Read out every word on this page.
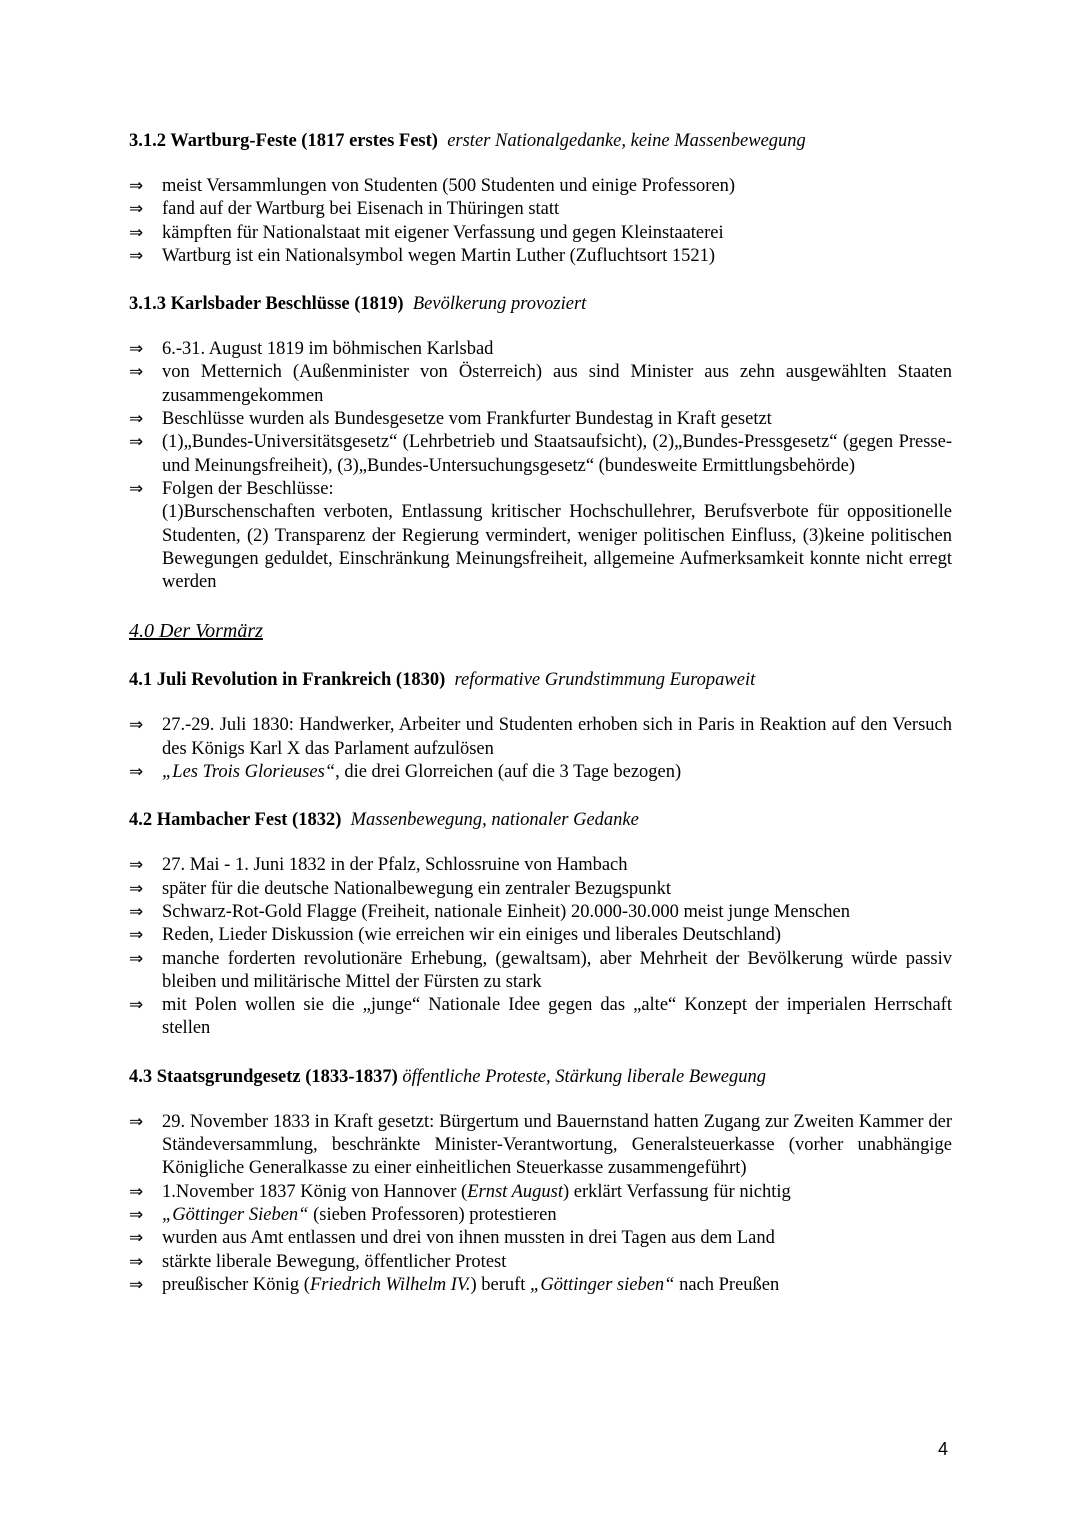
3.1.2 Wartburg-Feste (1817 erstes Fest) erster Nationalgedanke, keine Massenbewegung
⇒	meist Versammlungen von Studenten (500 Studenten und einige Professoren)
⇒	fand auf der Wartburg bei Eisenach in Thüringen statt
⇒	kämpften für Nationalstaat mit eigener Verfassung und gegen Kleinstaaterei
⇒	Wartburg ist ein Nationalsymbol wegen Martin Luther (Zufluchtsort 1521)
3.1.3 Karlsbader Beschlüsse (1819) Bevölkerung provoziert
⇒	6.-31. August 1819 im böhmischen Karlsbad
⇒	von Metternich (Außenminister von Österreich) aus sind Minister aus zehn ausgewählten Staaten zusammengekommen
⇒	Beschlüsse wurden als Bundesgesetze vom Frankfurter Bundestag in Kraft gesetzt
⇒	(1)„Bundes-Universitätsgesetz“ (Lehrbetrieb und Staatsaufsicht), (2)„Bundes-Pressgesetz“ (gegen Presse- und Meinungsfreiheit), (3)„Bundes-Untersuchungsgesetz“ (bundesweite Ermittlungsbehörde)
⇒	Folgen der Beschlüsse:
(1)Burschenschaften verboten, Entlassung kritischer Hochschullehrer, Berufsverbote für oppositionelle Studenten, (2) Transparenz der Regierung vermindert, weniger politischen Einfluss, (3)keine politischen Bewegungen geduldet, Einschränkung Meinungsfreiheit, allgemeine Aufmerksamkeit konnte nicht erregt werden
4.0 Der Vormärz
4.1 Juli Revolution in Frankreich (1830) reformative Grundstimmung Europaweit
⇒	27.-29. Juli 1830: Handwerker, Arbeiter und Studenten erhoben sich in Paris in Reaktion auf den Versuch des Königs Karl X das Parlament aufzulösen
⇒	„Les Trois Glorieuses“, die drei Glorreichen (auf die 3 Tage bezogen)
4.2 Hambacher Fest (1832) Massenbewegung, nationaler Gedanke
⇒	27. Mai - 1. Juni 1832 in der Pfalz, Schlossruine von Hambach
⇒	später für die deutsche Nationalbewegung ein zentraler Bezugspunkt
⇒	Schwarz-Rot-Gold Flagge (Freiheit, nationale Einheit) 20.000-30.000 meist junge Menschen
⇒	Reden, Lieder Diskussion (wie erreichen wir ein einiges und liberales Deutschland)
⇒	manche forderten revolutionäre Erhebung, (gewaltsam), aber Mehrheit der Bevölkerung würde passiv bleiben und militärische Mittel der Fürsten zu stark
⇒	mit Polen wollen sie die „junge“ Nationale Idee gegen das „alte“ Konzept der imperialen Herrschaft stellen
4.3 Staatsgrundgesetz (1833-1837) öffentliche Proteste, Stärkung liberale Bewegung
⇒	29. November 1833 in Kraft gesetzt: Bürgertum und Bauernstand hatten Zugang zur Zweiten Kammer der Ständeversammlung, beschränkte Minister-Verantwortung, Generalsteuerkasse (vorher unabhängige Königliche Generalkasse zu einer einheitlichen Steuerkasse zusammengeführt)
⇒	1.November 1837 König von Hannover (Ernst August) erklärt Verfassung für nichtig
⇒	„Göttinger Sieben“ (sieben Professoren) protestieren
⇒	wurden aus Amt entlassen und drei von ihnen mussten in drei Tagen aus dem Land
⇒	stärkte liberale Bewegung, öffentlicher Protest
⇒	preußischer König (Friedrich Wilhelm IV.) beruft „Göttinger sieben“ nach Preußen
4
